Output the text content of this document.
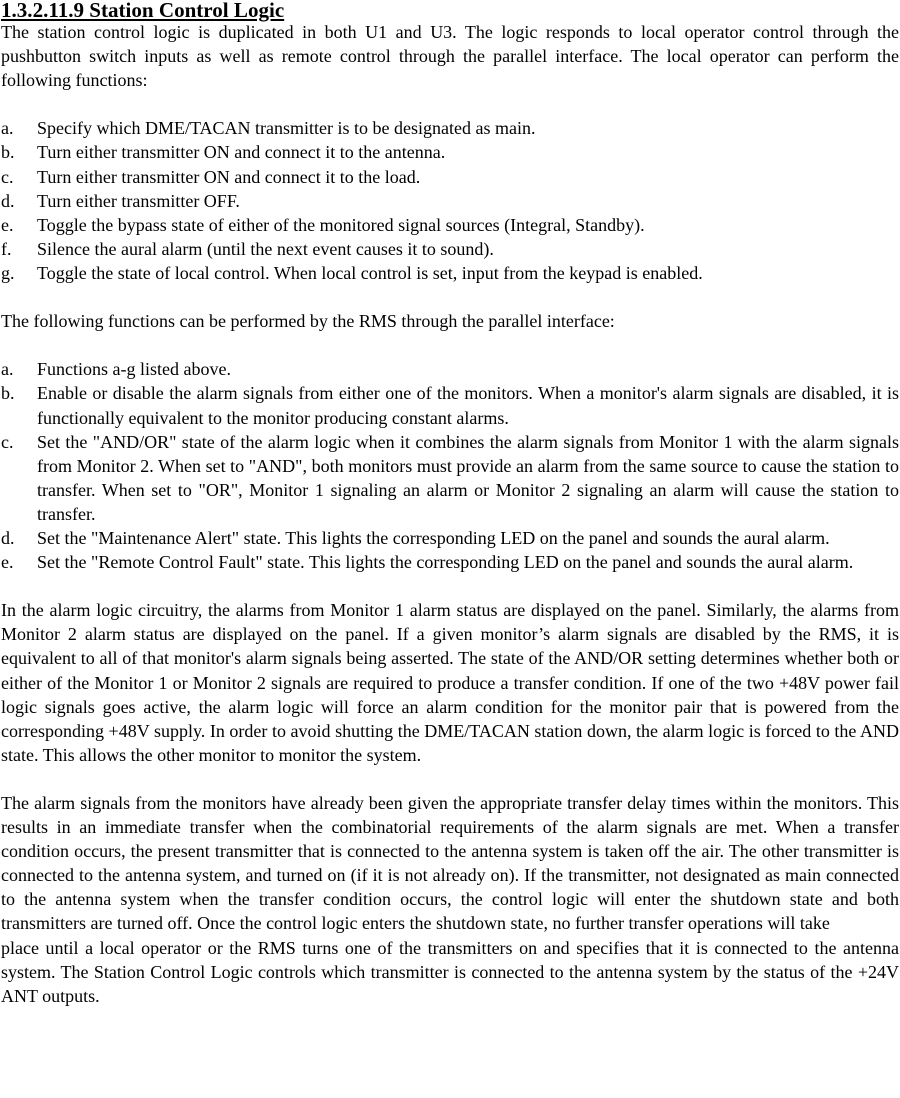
1.3.2.11.9 Station Control Logic

The station control logic is duplicated in both U1 and U3. The logic responds to local operator control through the pushbutton switch inputs as well as remote control through the parallel interface. The local operator can perform the following functions:

a.	Specify which DME/TACAN transmitter is to be designated as main.
b.	Turn either transmitter ON and connect it to the antenna.
c.	Turn either transmitter ON and connect it to the load.
d.	Turn either transmitter OFF.
e.	Toggle the bypass state of either of the monitored signal sources (Integral, Standby).
f.	Silence the aural alarm (until the next event causes it to sound).
g.	Toggle the state of local control. When local control is set, input from the keypad is enabled.

The following functions can be performed by the RMS through the parallel interface:

a.	Functions a-g listed above.
b.	Enable or disable the alarm signals from either one of the monitors. When a monitor's alarm signals are disabled, it is functionally equivalent to the monitor producing constant alarms.
c.	Set the "AND/OR" state of the alarm logic when it combines the alarm signals from Monitor 1 with the alarm signals from Monitor 2. When set to "AND", both monitors must provide an alarm from the same source to cause the station to transfer. When set to "OR", Monitor 1 signaling an alarm or Monitor 2 signaling an alarm will cause the station to transfer.
d.	Set the "Maintenance Alert" state. This lights the corresponding LED on the panel and sounds the aural alarm.
e.	Set the "Remote Control Fault" state. This lights the corresponding LED on the panel and sounds the aural alarm.

In the alarm logic circuitry, the alarms from Monitor 1 alarm status are displayed on the panel. Similarly, the alarms from Monitor 2 alarm status are displayed on the panel. If a given monitor’s alarm signals are disabled by the RMS, it is equivalent to all of that monitor's alarm signals being asserted. The state of the AND/OR setting determines whether both or either of the Monitor 1 or Monitor 2 signals are required to produce a transfer condition. If one of the two +48V power fail logic signals goes active, the alarm logic will force an alarm condition for the monitor pair that is powered from the corresponding +48V supply. In order to avoid shutting the DME/TACAN station down, the alarm logic is forced to the AND state. This allows the other monitor to monitor the system.

The alarm signals from the monitors have already been given the appropriate transfer delay times within the monitors. This results in an immediate transfer when the combinatorial requirements of the alarm signals are met. When a transfer condition occurs, the present transmitter that is connected to the antenna system is taken off the air. The other transmitter is connected to the antenna system, and turned on (if it is not already on). If the transmitter, not designated as main connected to the antenna system when the transfer condition occurs, the control logic will enter the shutdown state and both transmitters are turned off. Once the control logic enters the shutdown state, no further transfer operations will take

place until a local operator or the RMS turns one of the transmitters on and specifies that it is connected to the antenna system. The Station Control Logic controls which transmitter is connected to the antenna system by the status of the +24V ANT outputs.
